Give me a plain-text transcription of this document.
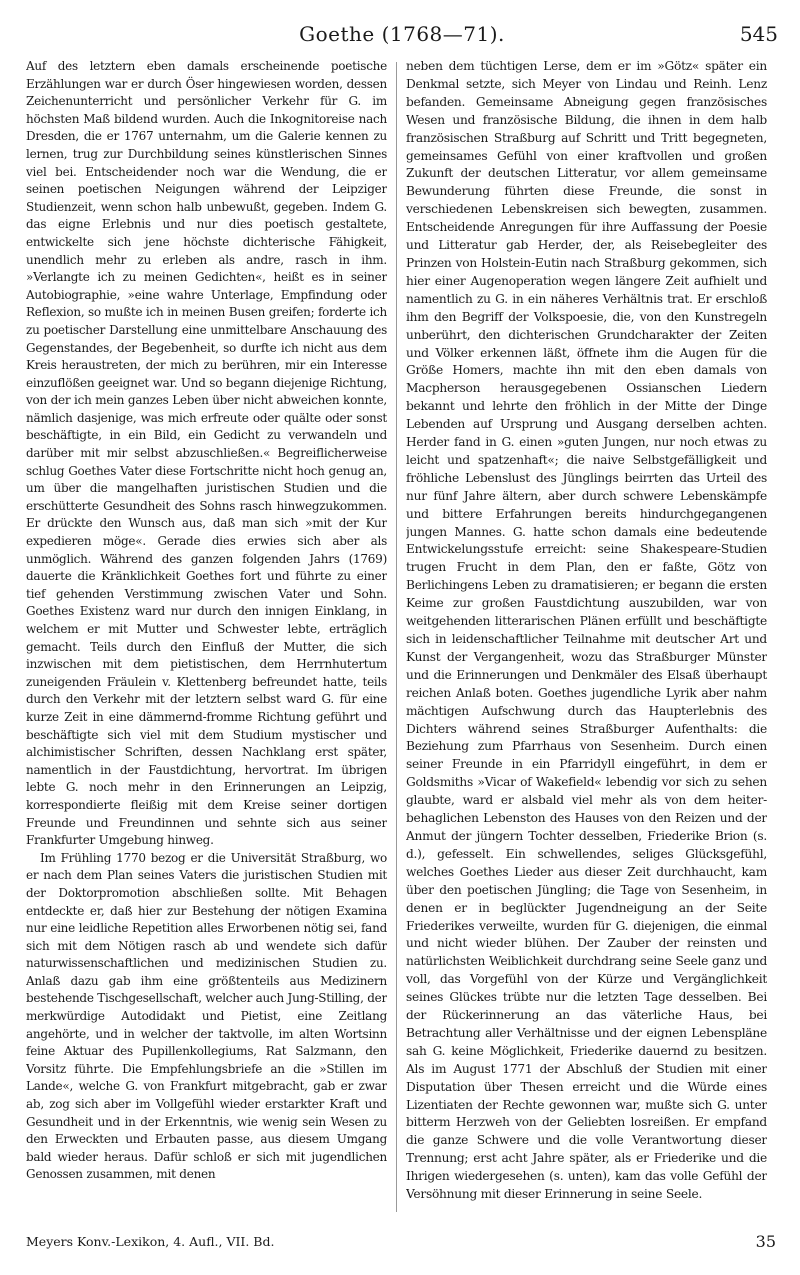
Goethe (1768—71).	545

Auf des letztern eben damals erscheinende poetische Erzählungen war er durch Öser hingewiesen worden, dessen Zeichenunterricht und persönlicher Verkehr für G. im höchsten Maß bildend wurden. Auch die Inkognitoreise nach Dresden, die er 1767 unternahm, um die Galerie kennen zu lernen, trug zur Durchbildung seines künstlerischen Sinnes viel bei. Entscheidender noch war die Wendung, die er seinen poetischen Neigungen während der Leipziger Studienzeit, wenn schon halb unbewußt, gegeben. Indem G. das eigne Erlebnis und nur dies poetisch gestaltete, entwickelte sich jene höchste dichterische Fähigkeit, unendlich mehr zu erleben als andre, rasch in ihm. »Verlangte ich zu meinen Gedichten«, heißt es in seiner Autobiographie, »eine wahre Unterlage, Empfindung oder Reflexion, so mußte ich in meinen Busen greifen; forderte ich zu poetischer Darstellung eine unmittelbare Anschauung des Gegenstandes, der Begebenheit, so durfte ich nicht aus dem Kreis heraustreten, der mich zu berühren, mir ein Interesse einzuflößen geeignet war. Und so begann diejenige Richtung, von der ich mein ganzes Leben über nicht abweichen konnte, nämlich dasjenige, was mich erfreute oder quälte oder sonst beschäftigte, in ein Bild, ein Gedicht zu verwandeln und darüber mit mir selbst abzuschließen.« Begreiflicherweise schlug Goethes Vater diese Fortschritte nicht hoch genug an, um über die mangelhaften juristischen Studien und die erschütterte Gesundheit des Sohns rasch hinwegzukommen. Er drückte den Wunsch aus, daß man sich »mit der Kur expedieren möge«. Gerade dies erwies sich aber als unmöglich. Während des ganzen folgenden Jahrs (1769) dauerte die Kränklichkeit Goethes fort und führte zu einer tief gehenden Verstimmung zwischen Vater und Sohn. Goethes Existenz ward nur durch den innigen Einklang, in welchem er mit Mutter und Schwester lebte, erträglich gemacht. Teils durch den Einfluß der Mutter, die sich inzwischen mit dem pietistischen, dem Herrnhutertum zuneigenden Fräulein v. Klettenberg befreundet hatte, teils durch den Verkehr mit der letztern selbst ward G. für eine kurze Zeit in eine dämmernd-fromme Richtung geführt und beschäftigte sich viel mit dem Studium mystischer und alchimistischer Schriften, dessen Nachklang erst später, namentlich in der Faustdichtung, hervortrat. Im übrigen lebte G. noch mehr in den Erinnerungen an Leipzig, korrespondierte fleißig mit dem Kreise seiner dortigen Freunde und Freundinnen und sehnte sich aus seiner Frankfurter Umgebung hinweg.

Im Frühling 1770 bezog er die Universität Straßburg, wo er nach dem Plan seines Vaters die juristischen Studien mit der Doktorpromotion abschließen sollte. Mit Behagen entdeckte er, daß hier zur Bestehung der nötigen Examina nur eine leidliche Repetition alles Erworbenen nötig sei, fand sich mit dem Nötigen rasch ab und wendete sich dafür naturwissenschaftlichen und medizinischen Studien zu. Anlaß dazu gab ihm eine größtenteils aus Medizinern bestehende Tischgesellschaft, welcher auch Jung-Stilling, der merkwürdige Autodidakt und Pietist, eine Zeitlang angehörte, und in welcher der taktvolle, im alten Wortsinn feine Aktuar des Pupillenkollegiums, Rat Salzmann, den Vorsitz führte. Die Empfehlungsbriefe an die »Stillen im Lande«, welche G. von Frankfurt mitgebracht, gab er zwar ab, zog sich aber im Vollgefühl wieder erstarkter Kraft und Gesundheit und in der Erkenntnis, wie wenig sein Wesen zu den Erweckten und Erbauten passe, aus diesem Umgang bald wieder heraus. Dafür schloß er sich mit jugendlichen Genossen zusammen, mit denen

neben dem tüchtigen Lerse, dem er im »Götz« später ein Denkmal setzte, sich Meyer von Lindau und Reinh. Lenz befanden. Gemeinsame Abneigung gegen französisches Wesen und französische Bildung, die ihnen in dem halb französischen Straßburg auf Schritt und Tritt begegneten, gemeinsames Gefühl von einer kraftvollen und großen Zukunft der deutschen Litteratur, vor allem gemeinsame Bewunderung führten diese Freunde, die sonst in verschiedenen Lebenskreisen sich bewegten, zusammen. Entscheidende Anregungen für ihre Auffassung der Poesie und Litteratur gab Herder, der, als Reisebegleiter des Prinzen von Holstein-Eutin nach Straßburg gekommen, sich hier einer Augenoperation wegen längere Zeit aufhielt und namentlich zu G. in ein näheres Verhältnis trat. Er erschloß ihm den Begriff der Volkspoesie, die, von den Kunstregeln unberührt, den dichterischen Grundcharakter der Zeiten und Völker erkennen läßt, öffnete ihm die Augen für die Größe Homers, machte ihn mit den eben damals von Macpherson herausgegebenen Ossianschen Liedern bekannt und lehrte den fröhlich in der Mitte der Dinge Lebenden auf Ursprung und Ausgang derselben achten. Herder fand in G. einen »guten Jungen, nur noch etwas zu leicht und spatzenhaft«; die naive Selbstgefälligkeit und fröhliche Lebenslust des Jünglings beirrten das Urteil des nur fünf Jahre ältern, aber durch schwere Lebenskämpfe und bittere Erfahrungen bereits hindurchgegangenen jungen Mannes. G. hatte schon damals eine bedeutende Entwickelungsstufe erreicht: seine Shakespeare-Studien trugen Frucht in dem Plan, den er faßte, Götz von Berlichingens Leben zu dramatisieren; er begann die ersten Keime zur großen Faustdichtung auszubilden, war von weitgehenden litterarischen Plänen erfüllt und beschäftigte sich in leidenschaftlicher Teilnahme mit deutscher Art und Kunst der Vergangenheit, wozu das Straßburger Münster und die Erinnerungen und Denkmäler des Elsaß überhaupt reichen Anlaß boten. Goethes jugendliche Lyrik aber nahm mächtigen Aufschwung durch das Haupterlebnis des Dichters während seines Straßburger Aufenthalts: die Beziehung zum Pfarrhaus von Sesenheim. Durch einen seiner Freunde in ein Pfarridyll eingeführt, in dem er Goldsmiths »Vicar of Wakefield« lebendig vor sich zu sehen glaubte, ward er alsbald viel mehr als von dem heiter-behaglichen Lebenston des Hauses von den Reizen und der Anmut der jüngern Tochter desselben, Friederike Brion (s. d.), gefesselt. Ein schwellendes, seliges Glücksgefühl, welches Goethes Lieder aus dieser Zeit durchhaucht, kam über den poetischen Jüngling; die Tage von Sesenheim, in denen er in beglückter Jugendneigung an der Seite Friederikes verweilte, wurden für G. diejenigen, die einmal und nicht wieder blühen. Der Zauber der reinsten und natürlichsten Weiblichkeit durchdrang seine Seele ganz und voll, das Vorgefühl von der Kürze und Vergänglichkeit seines Glückes trübte nur die letzten Tage desselben. Bei der Rückerinnerung an das väterliche Haus, bei Betrachtung aller Verhältnisse und der eignen Lebenspläne sah G. keine Möglichkeit, Friederike dauernd zu besitzen. Als im August 1771 der Abschluß der Studien mit einer Disputation über Thesen erreicht und die Würde eines Lizentiaten der Rechte gewonnen war, mußte sich G. unter bitterm Herzweh von der Geliebten losreißen. Er empfand die ganze Schwere und die volle Verantwortung dieser Trennung; erst acht Jahre später, als er Friederike und die Ihrigen wiedergesehen (s. unten), kam das volle Gefühl der Versöhnung mit dieser Erinnerung in seine Seele.

Meyers Konv.-Lexikon, 4. Aufl., VII. Bd.	35
